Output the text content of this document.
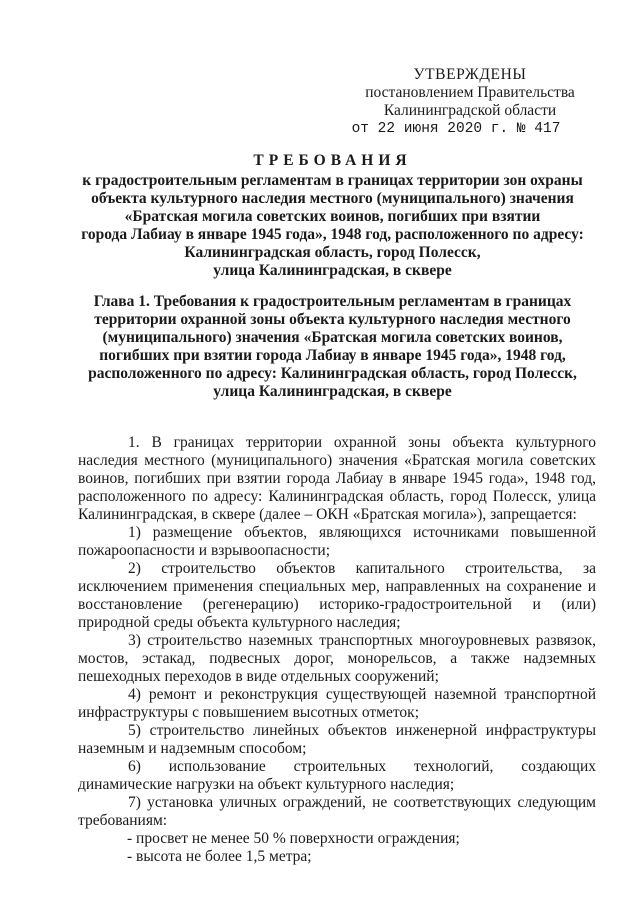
УТВЕРЖДЕНЫ
постановлением Правительства
Калининградской области
от 22 июня 2020 г. № 417
ТРЕБОВАНИЯ
к градостроительным регламентам в границах территории зон охраны
объекта культурного наследия местного (муниципального) значения
«Братская могила советских воинов, погибших при взятии
города Лабиау в январе 1945 года», 1948 год, расположенного по адресу:
Калининградская область, город Полесск,
улица Калининградская, в сквере
Глава 1. Требования к градостроительным регламентам в границах
территории охранной зоны объекта культурного наследия местного
(муниципального) значения «Братская могила советских воинов,
погибших при взятии города Лабиау в январе 1945 года», 1948 год,
расположенного по адресу: Калининградская область, город Полесск,
улица Калининградская, в сквере

1. В границах территории охранной зоны объекта культурного наследия местного (муниципального) значения «Братская могила советских воинов, погибших при взятии города Лабиау в январе 1945 года», 1948 год, расположенного по адресу: Калининградская область, город Полесск, улица Калининградская, в сквере (далее – ОКН «Братская могила»), запрещается:

1) размещение объектов, являющихся источниками повышенной пожароопасности и взрывоопасности;

2) строительство объектов капитального строительства, за исключением применения специальных мер, направленных на сохранение и восстановление (регенерацию) историко-градостроительной и (или) природной среды объекта культурного наследия;

3) строительство наземных транспортных многоуровневых развязок, мостов, эстакад, подвесных дорог, монорельсов, а также надземных пешеходных переходов в виде отдельных сооружений;

4) ремонт и реконструкция существующей наземной транспортной инфраструктуры с повышением высотных отметок;

5) строительство линейных объектов инженерной инфраструктуры наземным и надземным способом;

6) использование строительных технологий, создающих динамические нагрузки на объект культурного наследия;

7) установка уличных ограждений, не соответствующих следующим требованиям:

- просвет не менее 50 % поверхности ограждения;

- высота не более 1,5 метра;
